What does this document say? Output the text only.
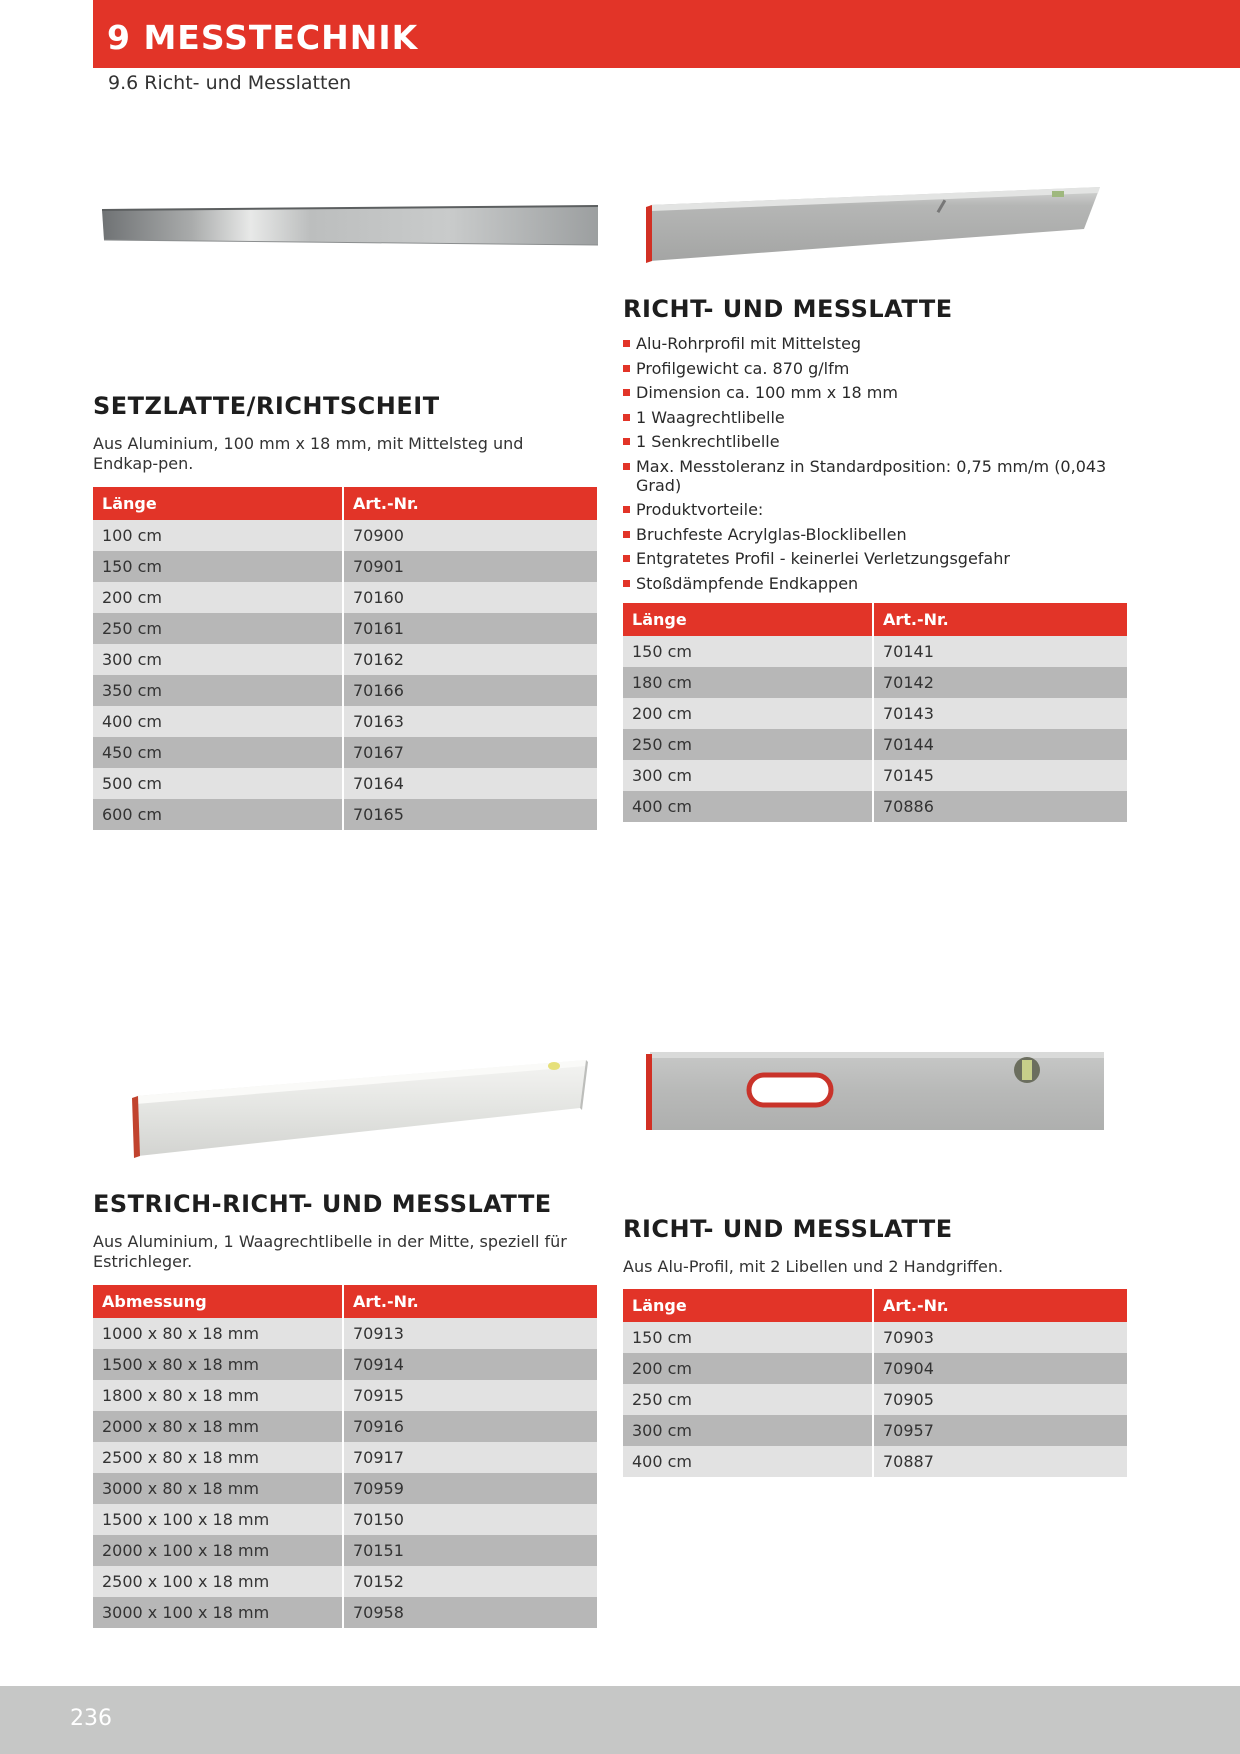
9 MESSTECHNIK
9.6 Richt- und Messlatten
SETZLATTE/RICHTSCHEIT
Aus Aluminium, 100 mm x 18 mm, mit Mittelsteg und Endkap-pen.
Länge	Art.-Nr.
100 cm	70900
150 cm	70901
200 cm	70160
250 cm	70161
300 cm	70162
350 cm	70166
400 cm	70163
450 cm	70167
500 cm	70164
600 cm	70165
RICHT- UND MESSLATTE
Alu-Rohrprofil mit Mittelsteg
Profilgewicht ca. 870 g/lfm
Dimension ca. 100 mm x 18 mm
1 Waagrechtlibelle
1 Senkrechtlibelle
Max. Messtoleranz in Standardposition: 0,75 mm/m (0,043 Grad)
Produktvorteile:
Bruchfeste Acrylglas-Blocklibellen
Entgratetes Profil - keinerlei Verletzungsgefahr
Stoßdämpfende Endkappen
Länge	Art.-Nr.
150 cm	70141
180 cm	70142
200 cm	70143
250 cm	70144
300 cm	70145
400 cm	70886
ESTRICH-RICHT- UND MESSLATTE
Aus Aluminium, 1 Waagrechtlibelle in der Mitte, speziell für Estrichleger.
Abmessung	Art.-Nr.
1000 x 80 x 18 mm	70913
1500 x 80 x 18 mm	70914
1800 x 80 x 18 mm	70915
2000 x 80 x 18 mm	70916
2500 x 80 x 18 mm	70917
3000 x 80 x 18 mm	70959
1500 x 100 x 18 mm	70150
2000 x 100 x 18 mm	70151
2500 x 100 x 18 mm	70152
3000 x 100 x 18 mm	70958
RICHT- UND MESSLATTE
Aus Alu-Profil, mit 2 Libellen und 2 Handgriffen.
Länge	Art.-Nr.
150 cm	70903
200 cm	70904
250 cm	70905
300 cm	70957
400 cm	70887
236
